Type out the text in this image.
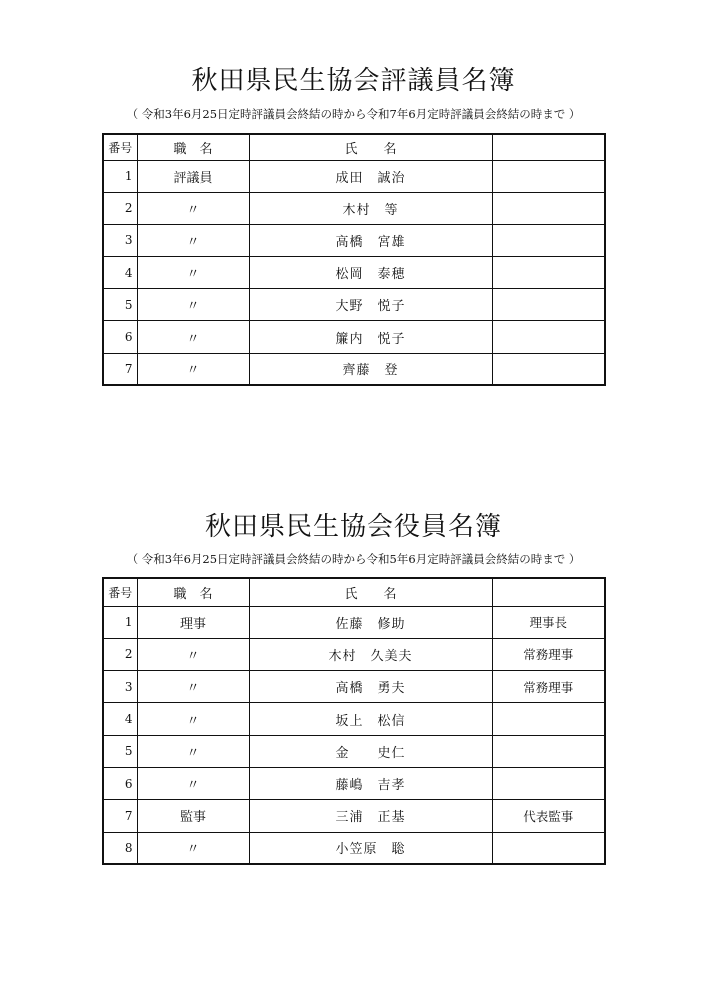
秋田県民生協会評議員名簿
（ 令和3年6月25日定時評議員会終結の時から令和7年6月定時評議員会終結の時まで ）
番号	職　名	氏　　名	
1	評議員	成田　誠治	
2	〃	木村　等	
3	〃	高橋　宮雄	
4	〃	松岡　泰穂	
5	〃	大野　悦子	
6	〃	簾内　悦子	
7	〃	齊藤　登	
秋田県民生協会役員名簿
（ 令和3年6月25日定時評議員会終結の時から令和5年6月定時評議員会終結の時まで ）
番号	職　名	氏　　名	
1	理事	佐藤　修助	理事長
2	〃	木村　久美夫	常務理事
3	〃	高橋　勇夫	常務理事
4	〃	坂上　松信	
5	〃	金　　史仁	
6	〃	藤嶋　吉孝	
7	監事	三浦　正基	代表監事
8	〃	小笠原　聡	
